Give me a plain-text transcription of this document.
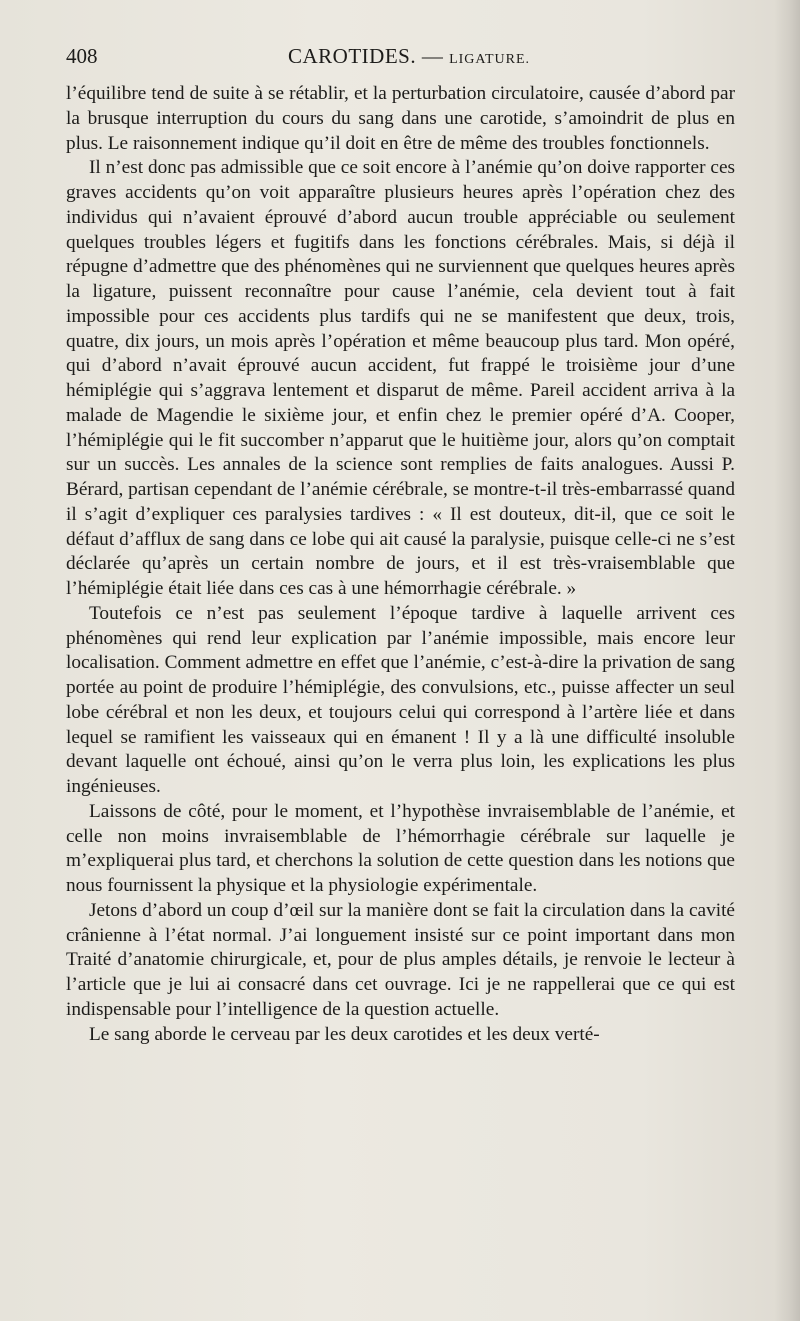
408	CAROTIDES. — LIGATURE.

l’équilibre tend de suite à se rétablir, et la perturbation circulatoire, causée d’abord par la brusque interruption du cours du sang dans une carotide, s’amoindrit de plus en plus. Le raisonnement indique qu’il doit en être de même des troubles fonctionnels.

Il n’est donc pas admissible que ce soit encore à l’anémie qu’on doive rapporter ces graves accidents qu’on voit apparaître plusieurs heures après l’opération chez des individus qui n’avaient éprouvé d’abord aucun trouble appréciable ou seulement quelques troubles légers et fugitifs dans les fonctions cérébrales. Mais, si déjà il répugne d’admettre que des phénomènes qui ne surviennent que quelques heures après la ligature, puissent reconnaître pour cause l’anémie, cela devient tout à fait impossible pour ces accidents plus tardifs qui ne se manifestent que deux, trois, quatre, dix jours, un mois après l’opération et même beaucoup plus tard. Mon opéré, qui d’abord n’avait éprouvé aucun accident, fut frappé le troisième jour d’une hémiplégie qui s’aggrava lentement et disparut de même. Pareil accident arriva à la malade de Magendie le sixième jour, et enfin chez le premier opéré d’A. Cooper, l’hémiplégie qui le fit succomber n’apparut que le huitième jour, alors qu’on comptait sur un succès. Les annales de la science sont remplies de faits analogues. Aussi P. Bérard, partisan cependant de l’anémie cérébrale, se montre-t-il très-embarrassé quand il s’agit d’expliquer ces paralysies tardives : « Il est douteux, dit-il, que ce soit le défaut d’afflux de sang dans ce lobe qui ait causé la paralysie, puisque celle-ci ne s’est déclarée qu’après un certain nombre de jours, et il est très-vraisemblable que l’hémiplégie était liée dans ces cas à une hémorrhagie cérébrale. »

Toutefois ce n’est pas seulement l’époque tardive à laquelle arrivent ces phénomènes qui rend leur explication par l’anémie impossible, mais encore leur localisation. Comment admettre en effet que l’anémie, c’est-à-dire la privation de sang portée au point de produire l’hémiplégie, des convulsions, etc., puisse affecter un seul lobe cérébral et non les deux, et toujours celui qui correspond à l’artère liée et dans lequel se ramifient les vaisseaux qui en émanent ! Il y a là une difficulté insoluble devant laquelle ont échoué, ainsi qu’on le verra plus loin, les explications les plus ingénieuses.

Laissons de côté, pour le moment, et l’hypothèse invraisemblable de l’anémie, et celle non moins invraisemblable de l’hémorrhagie cérébrale sur laquelle je m’expliquerai plus tard, et cherchons la solution de cette question dans les notions que nous fournissent la physique et la physiologie expérimentale.

Jetons d’abord un coup d’œil sur la manière dont se fait la circulation dans la cavité crânienne à l’état normal. J’ai longuement insisté sur ce point important dans mon Traité d’anatomie chirurgicale, et, pour de plus amples détails, je renvoie le lecteur à l’article que je lui ai consacré dans cet ouvrage. Ici je ne rappellerai que ce qui est indispensable pour l’intelligence de la question actuelle.

Le sang aborde le cerveau par les deux carotides et les deux verté-
